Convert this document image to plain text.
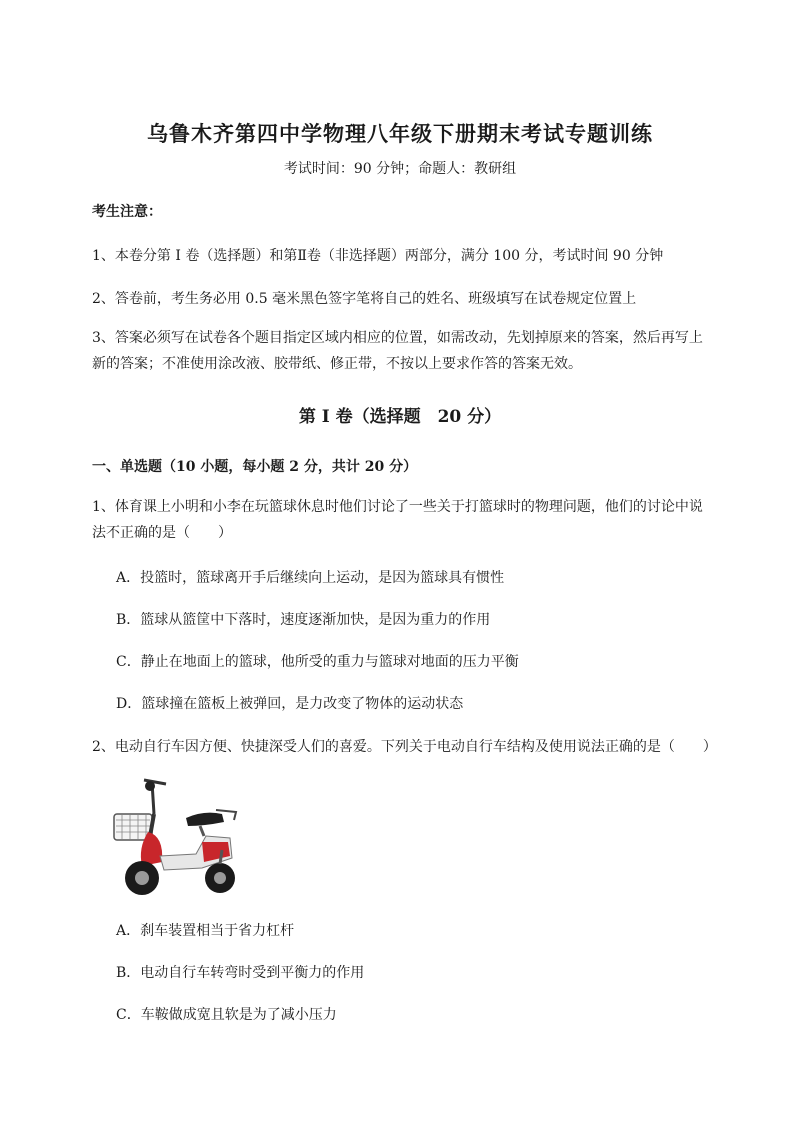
乌鲁木齐第四中学物理八年级下册期末考试专题训练
考试时间：90 分钟；命题人：教研组
考生注意：
1、本卷分第 I 卷（选择题）和第Ⅱ卷（非选择题）两部分，满分 100 分，考试时间 90 分钟
2、答卷前，考生务必用 0.5 毫米黑色签字笔将自己的姓名、班级填写在试卷规定位置上
3、答案必须写在试卷各个题目指定区域内相应的位置，如需改动，先划掉原来的答案，然后再写上新的答案；不准使用涂改液、胶带纸、修正带，不按以上要求作答的答案无效。
第 I 卷（选择题　20 分）
一、单选题（10 小题，每小题 2 分，共计 20 分）
1、体育课上小明和小李在玩篮球休息时他们讨论了一些关于打篮球时的物理问题，他们的讨论中说法不正确的是（　　）
A．投篮时，篮球离开手后继续向上运动，是因为篮球具有惯性
B．篮球从篮筐中下落时，速度逐渐加快，是因为重力的作用
C．静止在地面上的篮球，他所受的重力与篮球对地面的压力平衡
D．篮球撞在篮板上被弹回，是力改变了物体的运动状态
2、电动自行车因方便、快捷深受人们的喜爱。下列关于电动自行车结构及使用说法正确的是（　　）
A．刹车装置相当于省力杠杆
B．电动自行车转弯时受到平衡力的作用
C．车鞍做成宽且软是为了减小压力
